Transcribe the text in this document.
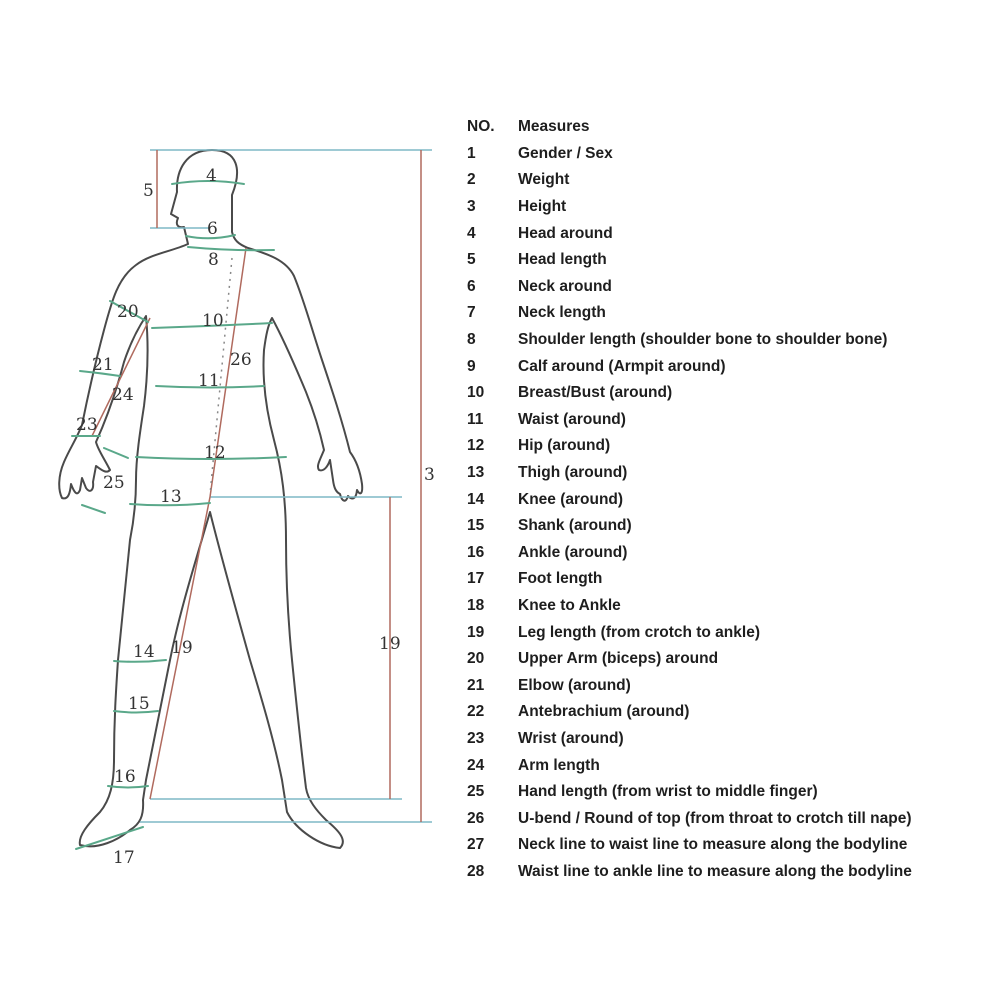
4
5
6
8
20	10
26
21
24
11
23
12
25
13
3
19	19
14
15
16
17
NO.	Measures
1	Gender / Sex
2	Weight
3	Height
4	Head around
5	Head length
6	Neck around
7	Neck length
8	Shoulder length (shoulder bone to shoulder bone)
9	Calf around (Armpit around)
10	Breast/Bust (around)
11	Waist (around)
12	Hip (around)
13	Thigh (around)
14	Knee (around)
15	Shank (around)
16	Ankle (around)
17	Foot length
18	Knee to Ankle
19	Leg length (from crotch to ankle)
20	Upper Arm (biceps) around
21	Elbow (around)
22	Antebrachium (around)
23	Wrist (around)
24	Arm length
25	Hand length (from wrist to middle finger)
26	U-bend / Round of top (from throat to crotch till nape)
27	Neck line to waist line to measure along the bodyline
28	Waist line to ankle line to measure along the bodyline
